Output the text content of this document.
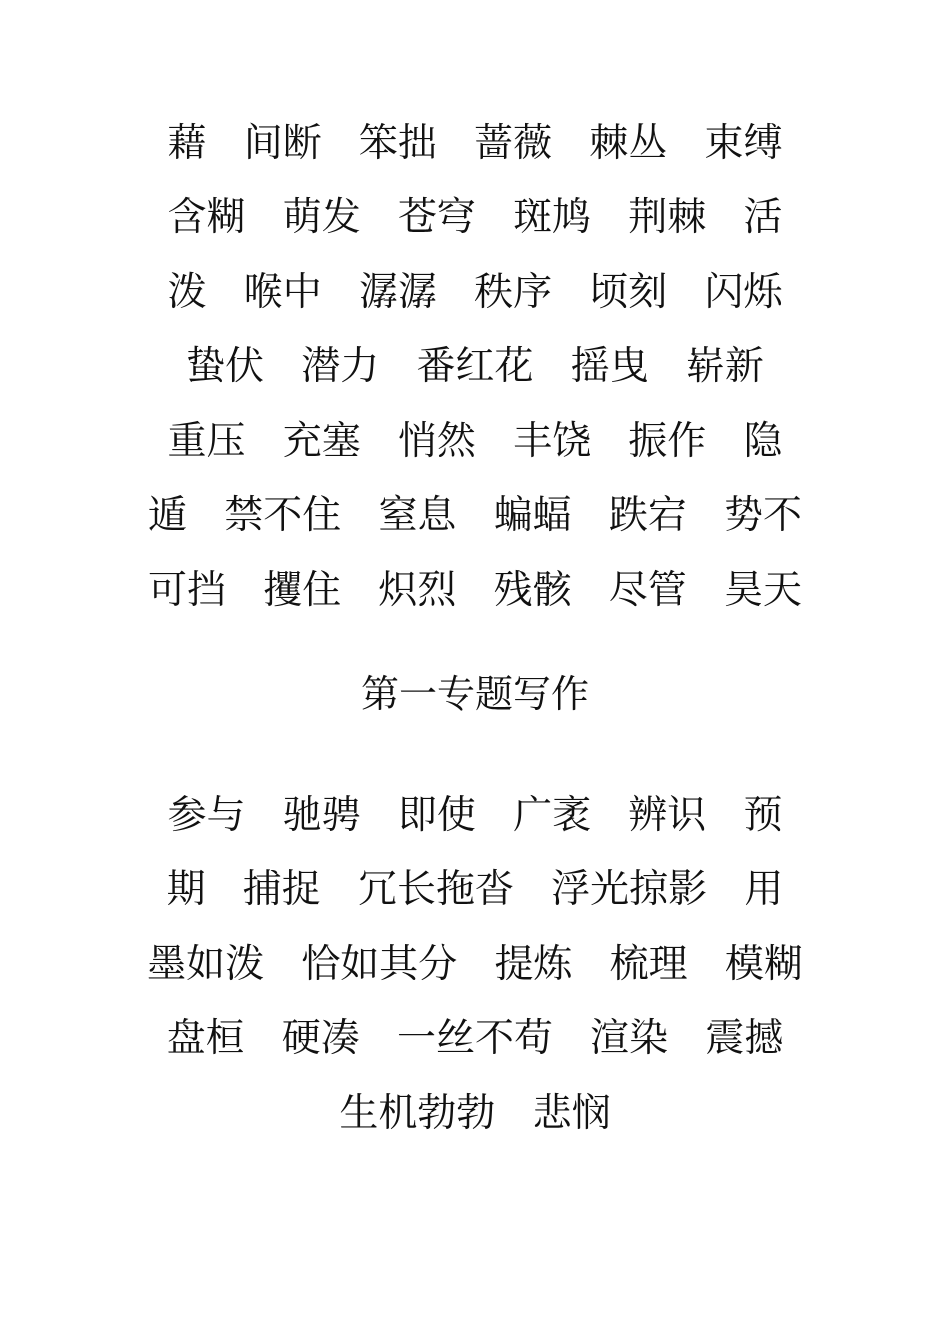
藉   间断   笨拙   蔷薇   棘丛   束缚
含糊   萌发   苍穹   斑鸠   荆棘   活
泼   喉中   潺潺   秩序   顷刻   闪烁
蛰伏   潜力   番红花   摇曳   崭新
重压   充塞   悄然   丰饶   振作   隐
遁   禁不住   窒息   蝙蝠   跌宕   势不
可挡   攫住   炽烈   残骸   尽管   昊天
第一专题写作
参与   驰骋   即使   广袤   辨识   预
期   捕捉   冗长拖沓   浮光掠影   用
墨如泼   恰如其分   提炼   梳理   模糊
盘桓   硬凑   一丝不苟   渲染   震撼
生机勃勃   悲悯
